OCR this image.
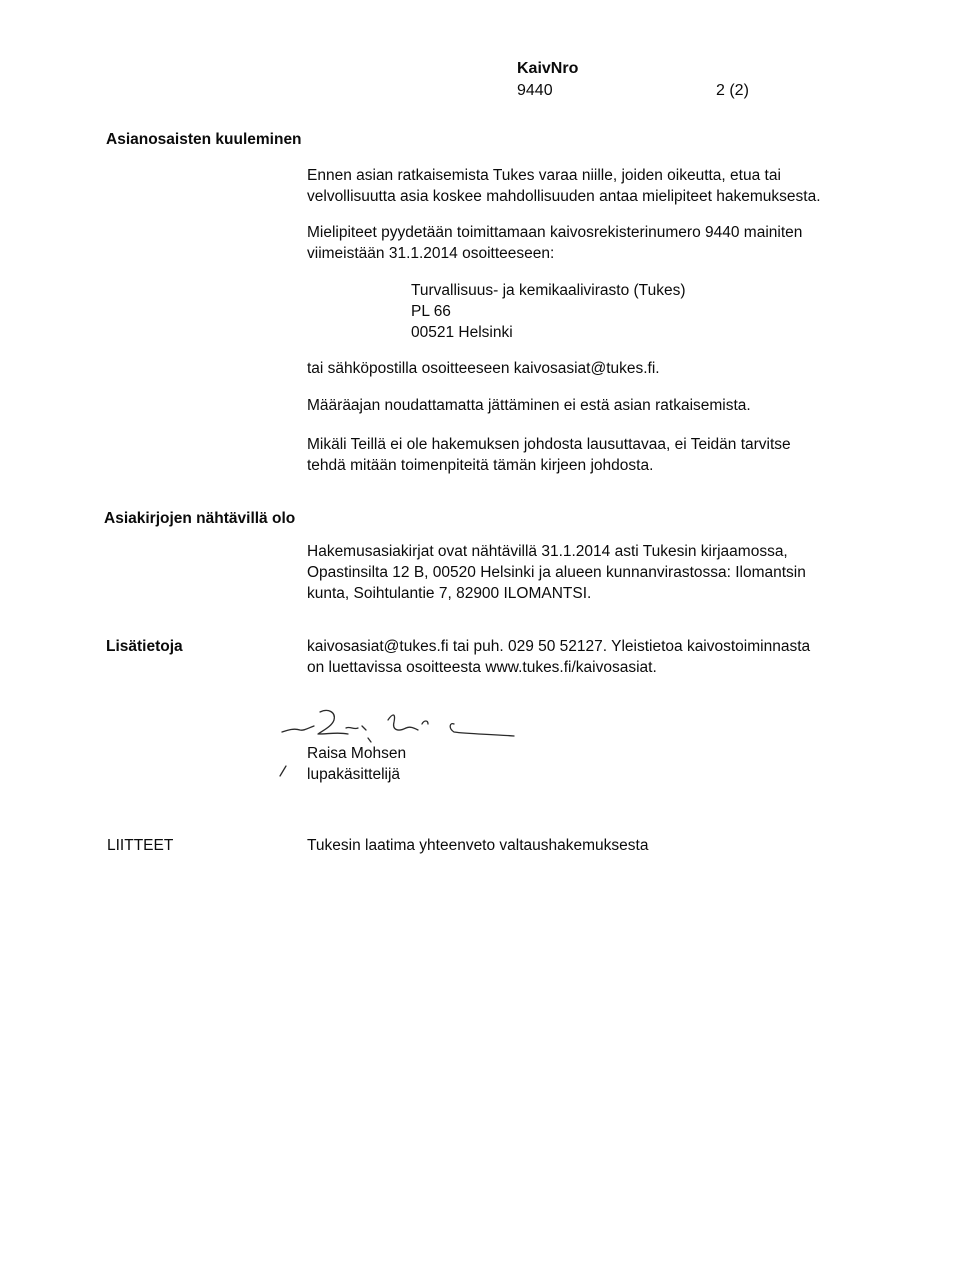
KaivNro
9440	2 (2)
Asianosaisten kuuleminen
Ennen asian ratkaisemista Tukes varaa niille, joiden oikeutta, etua tai
velvollisuutta asia koskee mahdollisuuden antaa mielipiteet hakemuksesta.
Mielipiteet pyydetään toimittamaan kaivosrekisterinumero 9440 mainiten
viimeistään 31.1.2014 osoitteeseen:
Turvallisuus- ja kemikaalivirasto (Tukes)
PL 66
00521 Helsinki
tai sähköpostilla osoitteeseen kaivosasiat@tukes.fi.
Määräajan noudattamatta jättäminen ei estä asian ratkaisemista.
Mikäli Teillä ei ole hakemuksen johdosta lausuttavaa, ei Teidän tarvitse
tehdä mitään toimenpiteitä tämän kirjeen johdosta.
Asiakirjojen nähtävillä olo
Hakemusasiakirjat ovat nähtävillä 31.1.2014 asti Tukesin kirjaamossa,
Opastinsilta 12 B, 00520 Helsinki ja alueen kunnanvirastossa: Ilomantsin
kunta, Soihtulantie 7, 82900 ILOMANTSI.
Lisätietoja	kaivosasiat@tukes.fi tai puh. 029 50 52127. Yleistietoa kaivostoiminnasta
on luettavissa osoitteesta www.tukes.fi/kaivosasiat.
Raisa Mohsen
lupakäsittelijä
LIITTEET	Tukesin laatima yhteenveto valtaushakemuksesta
